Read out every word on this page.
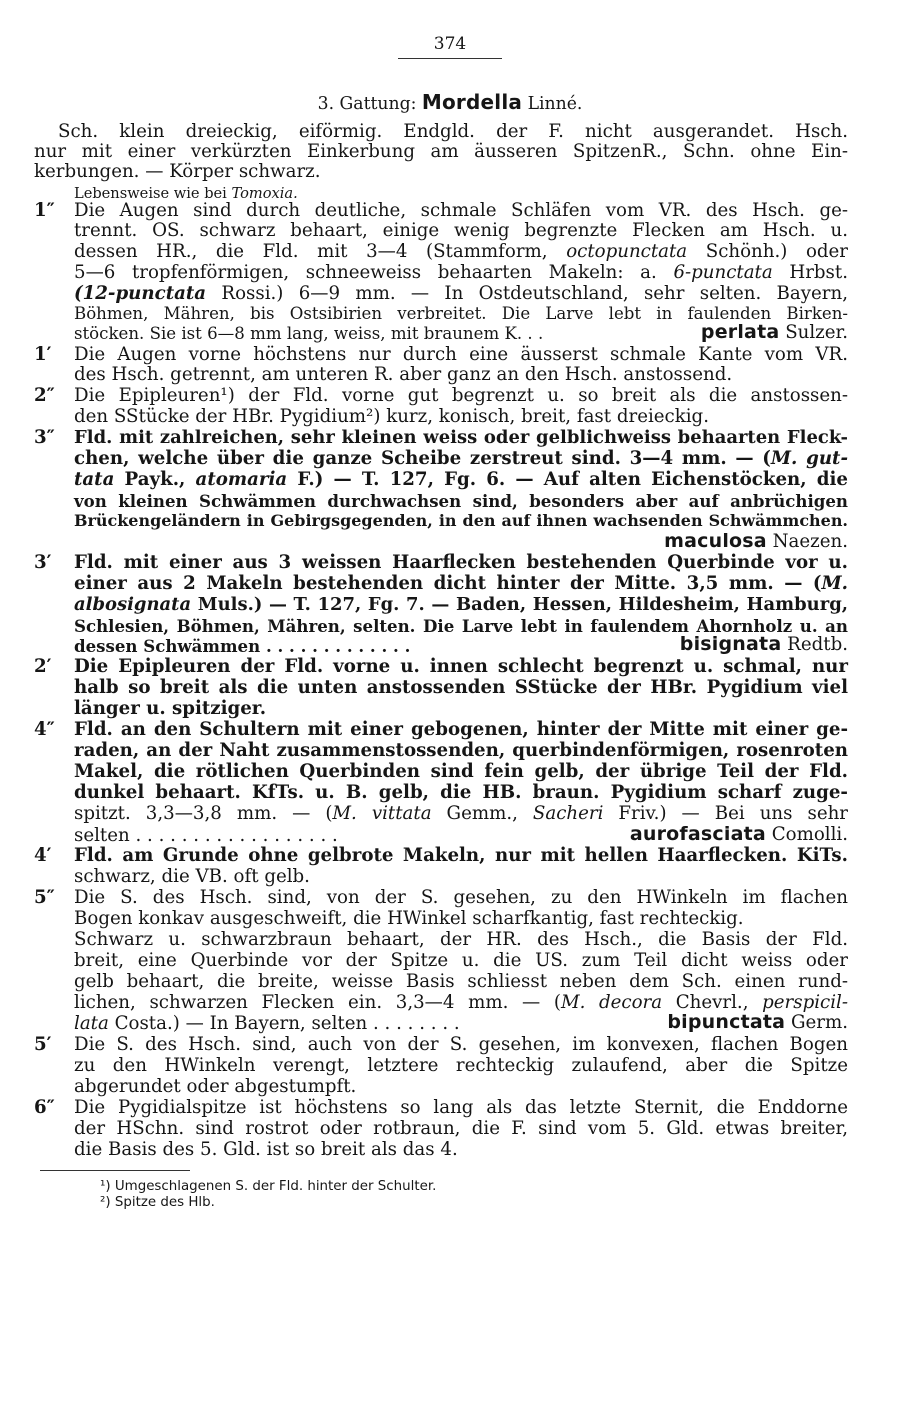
374
3. Gattung: Mordella Linné.
Sch. klein dreieckig, eiförmig. Endgld. der F. nicht ausgerandet. Hsch.
nur mit einer verkürzten Einkerbung am äusseren SpitzenR., Schn. ohne Ein-
kerbungen. — Körper schwarz.
Lebensweise wie bei Tomoxia.
1″ Die Augen sind durch deutliche, schmale Schläfen vom VR. des Hsch. ge-
trennt. OS. schwarz behaart, einige wenig begrenzte Flecken am Hsch. u.
dessen HR., die Fld. mit 3—4 (Stammform, octopunctata Schönh.) oder
5—6 tropfenförmigen, schneeweiss behaarten Makeln: a. 6-punctata Hrbst.
(12-punctata Rossi.) 6—9 mm. — In Ostdeutschland, sehr selten. Bayern,
Böhmen, Mähren, bis Ostsibirien verbreitet. Die Larve lebt in faulenden Birken-
stöcken. Sie ist 6—8 mm lang, weiss, mit braunem K. . .	perlata Sulzer.
1′ Die Augen vorne höchstens nur durch eine äusserst schmale Kante vom VR.
des Hsch. getrennt, am unteren R. aber ganz an den Hsch. anstossend.
2″ Die Epipleuren¹) der Fld. vorne gut begrenzt u. so breit als die anstossen-
den SStücke der HBr. Pygidium²) kurz, konisch, breit, fast dreieckig.
3″ Fld. mit zahlreichen, sehr kleinen weiss oder gelblichweiss behaarten Fleck-
chen, welche über die ganze Scheibe zerstreut sind. 3—4 mm. — (M. gut-
tata Payk., atomaria F.) — T. 127, Fg. 6. — Auf alten Eichenstöcken, die
von kleinen Schwämmen durchwachsen sind, besonders aber auf anbrüchigen
Brückengeländern in Gebirgsgegenden, in den auf ihnen wachsenden Schwämmchen.
maculosa Naezen.
3′ Fld. mit einer aus 3 weissen Haarflecken bestehenden Querbinde vor u.
einer aus 2 Makeln bestehenden dicht hinter der Mitte. 3,5 mm. — (M.
albosignata Muls.) — T. 127, Fg. 7. — Baden, Hessen, Hildesheim, Hamburg,
Schlesien, Böhmen, Mähren, selten. Die Larve lebt in faulendem Ahornholz u. an
dessen Schwämmen . . . . . . . . . . . . .	bisignata Redtb.
2′ Die Epipleuren der Fld. vorne u. innen schlecht begrenzt u. schmal, nur
halb so breit als die unten anstossenden SStücke der HBr. Pygidium viel
länger u. spitziger.
4″ Fld. an den Schultern mit einer gebogenen, hinter der Mitte mit einer ge-
raden, an der Naht zusammenstossenden, querbindenförmigen, rosenroten
Makel, die rötlichen Querbinden sind fein gelb, der übrige Teil der Fld.
dunkel behaart. KfTs. u. B. gelb, die HB. braun. Pygidium scharf zuge-
spitzt. 3,3—3,8 mm. — (M. vittata Gemm., Sacheri Friv.) — Bei uns sehr
selten . . . . . . . . . . . . . . . . . .	aurofasciata Comolli.
4′ Fld. am Grunde ohne gelbrote Makeln, nur mit hellen Haarflecken. KiTs.
schwarz, die VB. oft gelb.
5″ Die S. des Hsch. sind, von der S. gesehen, zu den HWinkeln im flachen
Bogen konkav ausgeschweift, die HWinkel scharfkantig, fast rechteckig.
Schwarz u. schwarzbraun behaart, der HR. des Hsch., die Basis der Fld.
breit, eine Querbinde vor der Spitze u. die US. zum Teil dicht weiss oder
gelb behaart, die breite, weisse Basis schliesst neben dem Sch. einen rund-
lichen, schwarzen Flecken ein. 3,3—4 mm. — (M. decora Chevrl., perspicil-
lata Costa.) — In Bayern, selten . . . . . . . .	bipunctata Germ.
5′ Die S. des Hsch. sind, auch von der S. gesehen, im konvexen, flachen Bogen
zu den HWinkeln verengt, letztere rechteckig zulaufend, aber die Spitze
abgerundet oder abgestumpft.
6″ Die Pygidialspitze ist höchstens so lang als das letzte Sternit, die Enddorne
der HSchn. sind rostrot oder rotbraun, die F. sind vom 5. Gld. etwas breiter,
die Basis des 5. Gld. ist so breit als das 4.
¹) Umgeschlagenen S. der Fld. hinter der Schulter.
²) Spitze des Hlb.
